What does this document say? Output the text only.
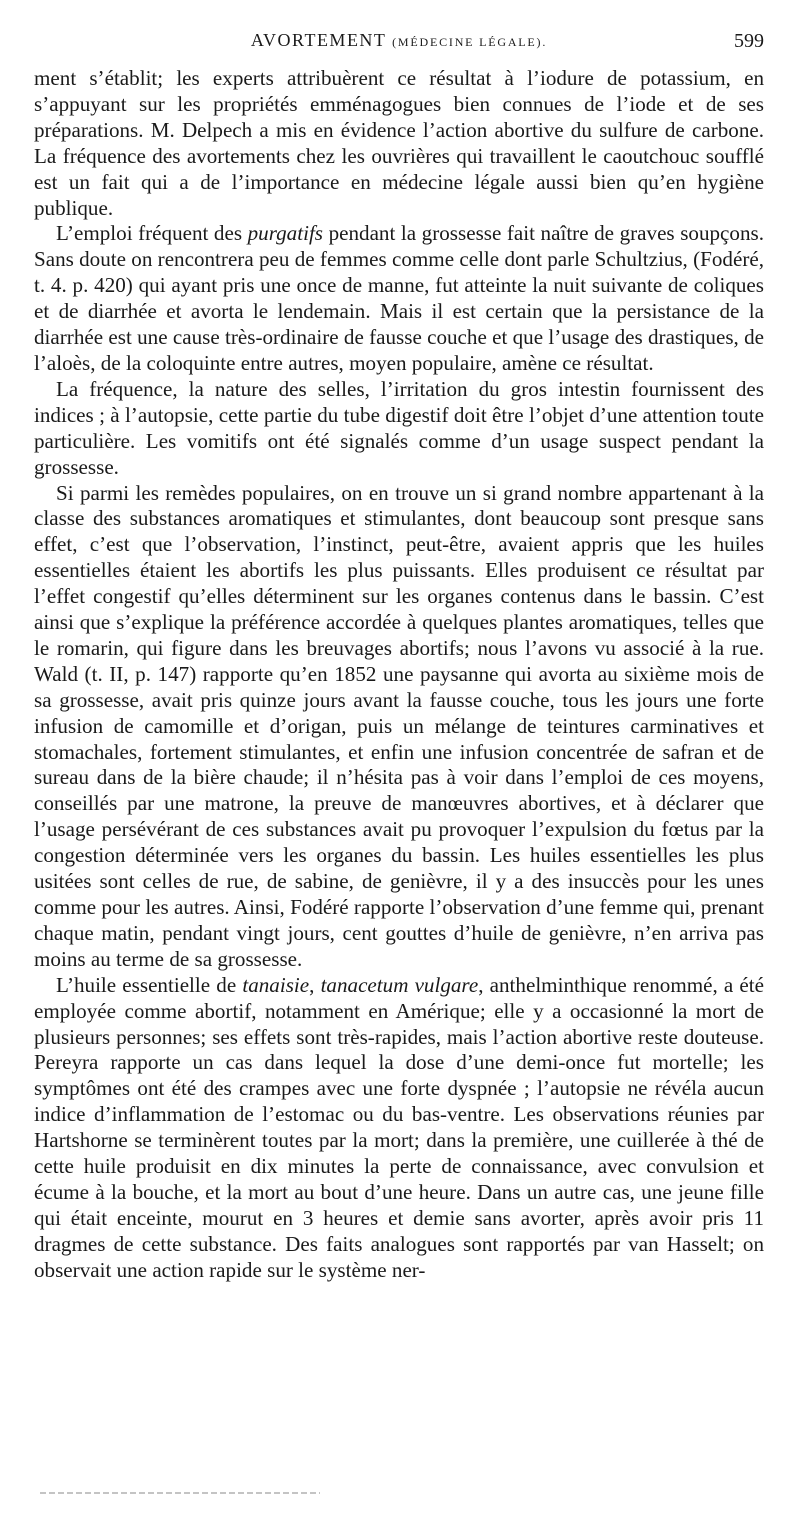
AVORTEMENT (MÉDECINE LÉGALE).	599

ment s’établit; les experts attribuèrent ce résultat à l’iodure de potassium, en s’appuyant sur les propriétés emménagogues bien connues de l’iode et de ses préparations. M. Delpech a mis en évidence l’action abortive du sulfure de carbone. La fréquence des avortements chez les ouvrières qui travaillent le caoutchouc soufflé est un fait qui a de l’importance en médecine légale aussi bien qu’en hygiène publique.

L’emploi fréquent des purgatifs pendant la grossesse fait naître de graves soupçons. Sans doute on rencontrera peu de femmes comme celle dont parle Schultzius, (Fodéré, t. 4. p. 420) qui ayant pris une once de manne, fut atteinte la nuit suivante de coliques et de diarrhée et avorta le lendemain. Mais il est certain que la persistance de la diarrhée est une cause très-ordinaire de fausse couche et que l’usage des drastiques, de l’aloès, de la coloquinte entre autres, moyen populaire, amène ce résultat.

La fréquence, la nature des selles, l’irritation du gros intestin fournissent des indices ; à l’autopsie, cette partie du tube digestif doit être l’objet d’une attention toute particulière. Les vomitifs ont été signalés comme d’un usage suspect pendant la grossesse.

Si parmi les remèdes populaires, on en trouve un si grand nombre appartenant à la classe des substances aromatiques et stimulantes, dont beaucoup sont presque sans effet, c’est que l’observation, l’instinct, peut-être, avaient appris que les huiles essentielles étaient les abortifs les plus puissants. Elles produisent ce résultat par l’effet congestif qu’elles déterminent sur les organes contenus dans le bassin. C’est ainsi que s’explique la préférence accordée à quelques plantes aromatiques, telles que le romarin, qui figure dans les breuvages abortifs; nous l’avons vu associé à la rue. Wald (t. II, p. 147) rapporte qu’en 1852 une paysanne qui avorta au sixième mois de sa grossesse, avait pris quinze jours avant la fausse couche, tous les jours une forte infusion de camomille et d’origan, puis un mélange de teintures carminatives et stomachales, fortement stimulantes, et enfin une infusion concentrée de safran et de sureau dans de la bière chaude; il n’hésita pas à voir dans l’emploi de ces moyens, conseillés par une matrone, la preuve de manœuvres abortives, et à déclarer que l’usage persévérant de ces substances avait pu provoquer l’expulsion du fœtus par la congestion déterminée vers les organes du bassin. Les huiles essentielles les plus usitées sont celles de rue, de sabine, de genièvre, il y a des insuccès pour les unes comme pour les autres. Ainsi, Fodéré rapporte l’observation d’une femme qui, prenant chaque matin, pendant vingt jours, cent gouttes d’huile de genièvre, n’en arriva pas moins au terme de sa grossesse.

L’huile essentielle de tanaisie, tanacetum vulgare, anthelminthique renommé, a été employée comme abortif, notamment en Amérique; elle y a occasionné la mort de plusieurs personnes; ses effets sont très-rapides, mais l’action abortive reste douteuse. Pereyra rapporte un cas dans lequel la dose d’une demi-once fut mortelle; les symptômes ont été des crampes avec une forte dyspnée ; l’autopsie ne révéla aucun indice d’inflammation de l’estomac ou du bas-ventre. Les observations réunies par Hartshorne se terminèrent toutes par la mort; dans la première, une cuillerée à thé de cette huile produisit en dix minutes la perte de connaissance, avec convulsion et écume à la bouche, et la mort au bout d’une heure. Dans un autre cas, une jeune fille qui était enceinte, mourut en 3 heures et demie sans avorter, après avoir pris 11 dragmes de cette substance. Des faits analogues sont rapportés par van Hasselt; on observait une action rapide sur le système ner-
